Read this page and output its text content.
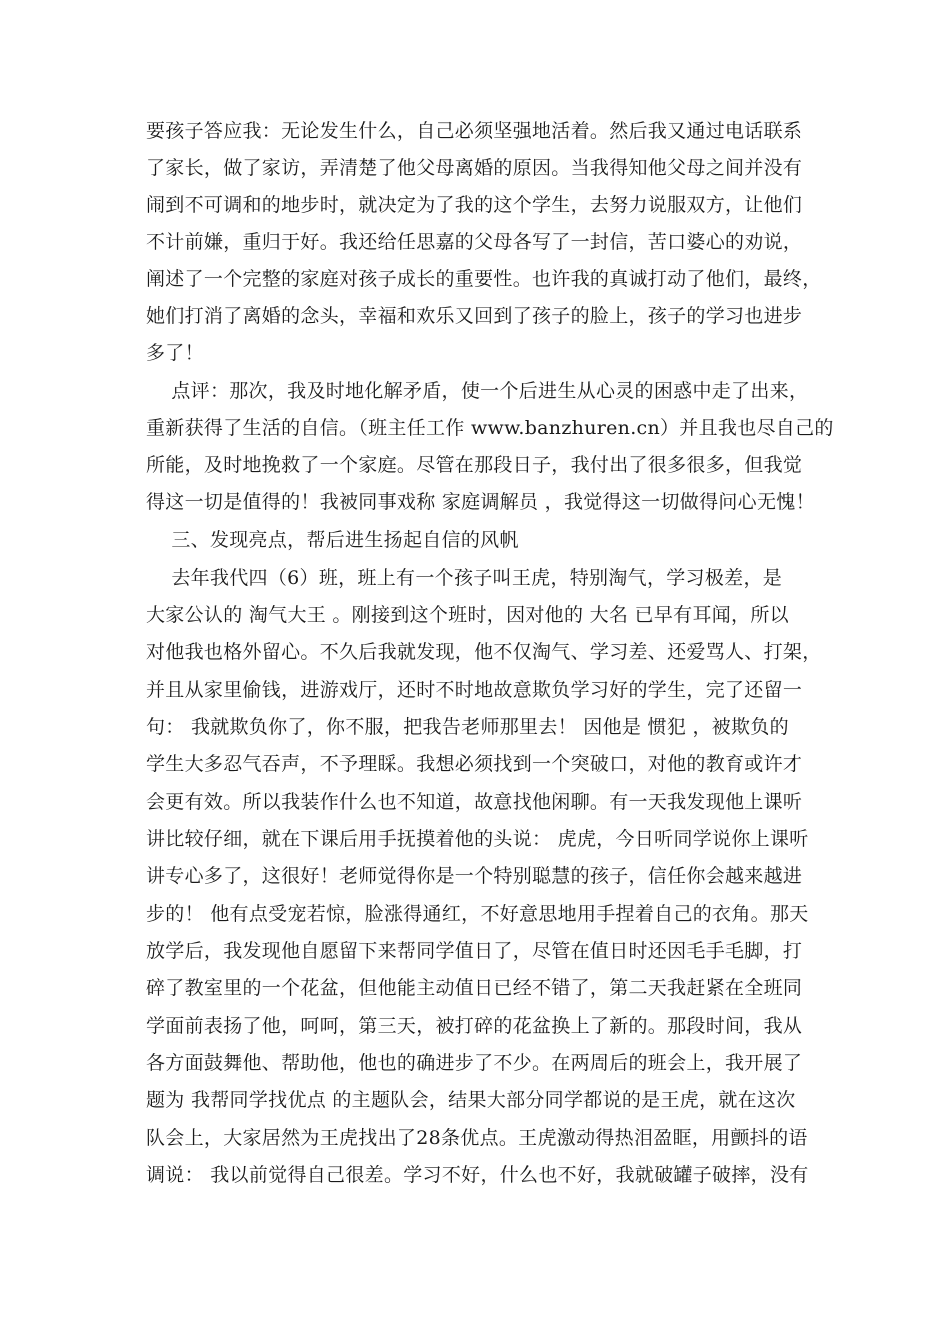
要孩子答应我：无论发生什么，自己必须坚强地活着。然后我又通过电话联系
了家长，做了家访，弄清楚了他父母离婚的原因。当我得知他父母之间并没有
闹到不可调和的地步时，就决定为了我的这个学生，去努力说服双方，让他们
不计前嫌，重归于好。我还给任思嘉的父母各写了一封信，苦口婆心的劝说，
阐述了一个完整的家庭对孩子成长的重要性。也许我的真诚打动了他们，最终，
她们打消了离婚的念头，幸福和欢乐又回到了孩子的脸上，孩子的学习也进步
多了！
点评：那次，我及时地化解矛盾，使一个后进生从心灵的困惑中走了出来，
重新获得了生活的自信。（班主任工作 www.banzhuren.cn）并且我也尽自己的
所能，及时地挽救了一个家庭。尽管在那段日子，我付出了很多很多，但我觉
得这一切是值得的！我被同事戏称 家庭调解员 ，我觉得这一切做得问心无愧！
三、发现亮点，帮后进生扬起自信的风帆
去年我代四（6）班，班上有一个孩子叫王虎，特别淘气，学习极差，是
大家公认的 淘气大王 。刚接到这个班时，因对他的 大名 已早有耳闻，所以
对他我也格外留心。不久后我就发现，他不仅淘气、学习差、还爱骂人、打架，
并且从家里偷钱，进游戏厅，还时不时地故意欺负学习好的学生，完了还留一
句： 我就欺负你了，你不服，把我告老师那里去！ 因他是 惯犯 ，被欺负的
学生大多忍气吞声，不予理睬。我想必须找到一个突破口，对他的教育或许才
会更有效。所以我装作什么也不知道，故意找他闲聊。有一天我发现他上课听
讲比较仔细，就在下课后用手抚摸着他的头说： 虎虎，今日听同学说你上课听
讲专心多了，这很好！老师觉得你是一个特别聪慧的孩子，信任你会越来越进
步的！ 他有点受宠若惊，脸涨得通红，不好意思地用手捏着自己的衣角。那天
放学后，我发现他自愿留下来帮同学值日了，尽管在值日时还因毛手毛脚，打
碎了教室里的一个花盆，但他能主动值日已经不错了，第二天我赶紧在全班同
学面前表扬了他，呵呵，第三天，被打碎的花盆换上了新的。那段时间，我从
各方面鼓舞他、帮助他，他也的确进步了不少。在两周后的班会上，我开展了
题为 我帮同学找优点 的主题队会，结果大部分同学都说的是王虎，就在这次
队会上，大家居然为王虎找出了28条优点。王虎激动得热泪盈眶，用颤抖的语
调说： 我以前觉得自己很差。学习不好，什么也不好，我就破罐子破摔，没有
